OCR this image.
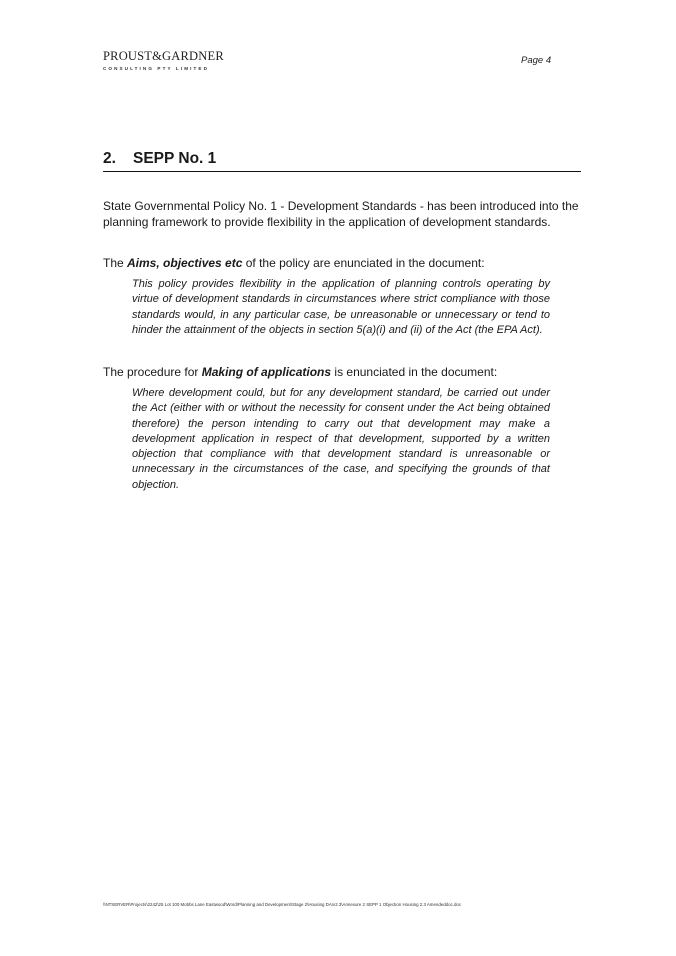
PROUST&GARDNER
CONSULTING PTY LIMITED
Page 4
2. SEPP No. 1
State Governmental Policy No. 1 - Development Standards - has been introduced into the planning framework to provide flexibility in the application of development standards.
The Aims, objectives etc of the policy are enunciated in the document:
This policy provides flexibility in the application of planning controls operating by virtue of development standards in circumstances where strict compliance with those standards would, in any particular case, be unreasonable or unnecessary or tend to hinder the attainment of the objects in section 5(a)(i) and (ii) of the Act (the EPA Act).
The procedure for Making of applications is enunciated in the document:
Where development could, but for any development standard, be carried out under the Act (either with or without the necessity for consent under the Act being obtained therefore) the person intending to carry out that development may make a development application in respect of that development, supported by a written objection that compliance with that development standard is unreasonable or unnecessary in the circumstances of the case, and specifying the grounds of that objection.
\\NTSERVER\Projects\2242\25 Lot 100 Mobbs Lane Eastwood\Word\Planning and Development\Stage 2\Housing DA\v2.3\Annexure 2 SEPP 1 Objection Housing 2.3 Amendeddoc.doc
